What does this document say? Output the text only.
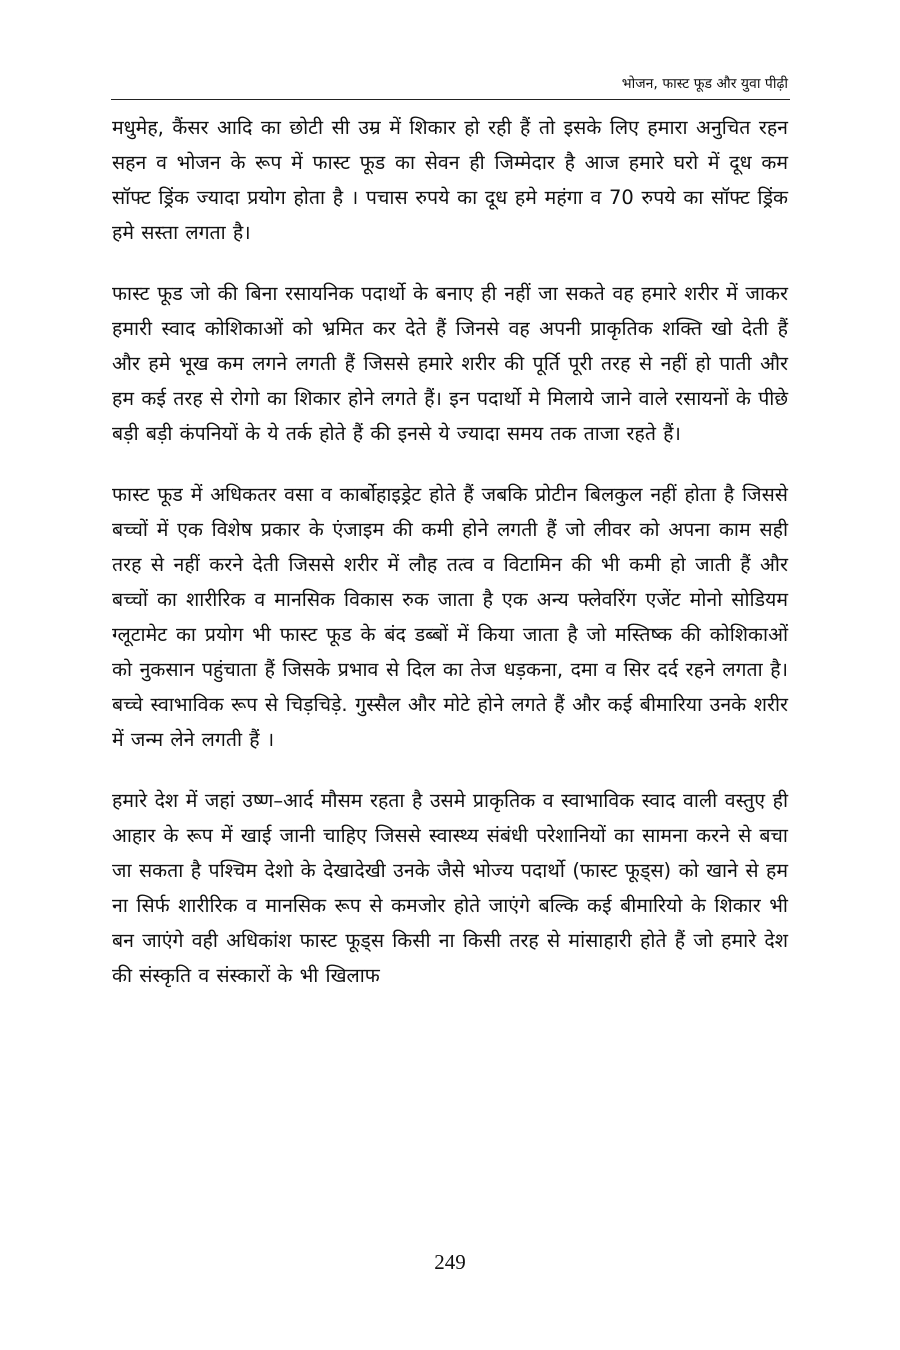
भोजन, फास्ट फूड और युवा पीढ़ी

मधुमेह, कैंसर आदि का छोटी सी उम्र में शिकार हो रही हैं तो इसके लिए हमारा अनुचित रहन सहन व भोजन के रूप में फास्ट फूड का सेवन ही जिम्मेदार है आज हमारे घरो में दूध कम सॉफ्ट ड्रिंक ज्यादा प्रयोग होता है । पचास रुपये का दूध हमे महंगा व 70 रुपये का सॉफ्ट ड्रिंक हमे सस्ता लगता है।

फास्ट फूड जो की बिना रसायनिक पदार्थो के बनाए ही नहीं जा सकते वह हमारे शरीर में जाकर हमारी स्वाद कोशिकाओं को भ्रमित कर देते हैं जिनसे वह अपनी प्राकृतिक शक्ति खो देती हैं और हमे भूख कम लगने लगती हैं जिससे हमारे शरीर की पूर्ति पूरी तरह से नहीं हो पाती और हम कई तरह से रोगो का शिकार होने लगते हैं। इन पदार्थो मे मिलाये जाने वाले रसायनों के पीछे बड़ी बड़ी कंपनियों के ये तर्क होते हैं की इनसे ये ज्यादा समय तक ताजा रहते हैं।

फास्ट फूड में अधिकतर वसा व कार्बोहाइड्रेट होते हैं जबकि प्रोटीन बिलकुल नहीं होता है जिससे बच्चों में एक विशेष प्रकार के एंजाइम की कमी होने लगती हैं जो लीवर को अपना काम सही तरह से नहीं करने देती जिससे शरीर में लौह तत्व व विटामिन की भी कमी हो जाती हैं और बच्चों का शारीरिक व मानसिक विकास रुक जाता है एक अन्य फ्लेवरिंग एजेंट मोनो सोडियम ग्लूटामेट का प्रयोग भी फास्ट फूड के बंद डब्बों में किया जाता है जो मस्तिष्क की कोशिकाओं को नुकसान पहुंचाता हैं जिसके प्रभाव से दिल का तेज धड़कना, दमा व सिर दर्द रहने लगता है। बच्चे स्वाभाविक रूप से चिड़चिड़े. गुस्सैल और मोटे होने लगते हैं और कई बीमारिया उनके शरीर में जन्म लेने लगती हैं ।

हमारे देश में जहां उष्ण–आर्द मौसम रहता है उसमे प्राकृतिक व स्वाभाविक स्वाद वाली वस्तुए ही आहार के रूप में खाई जानी चाहिए जिससे स्वास्थ्य संबंधी परेशानियों का सामना करने से बचा जा सकता है पश्चिम देशो के देखादेखी उनके जैसे भोज्य पदार्थो (फास्ट फूड्स) को खाने से हम ना सिर्फ शारीरिक व मानसिक रूप से कमजोर होते जाएंगे बल्कि कई बीमारियो के शिकार भी बन जाएंगे वही अधिकांश फास्ट फूड्स किसी ना किसी तरह से मांसाहारी होते हैं जो हमारे देश की संस्कृति व संस्कारों के भी खिलाफ

249
